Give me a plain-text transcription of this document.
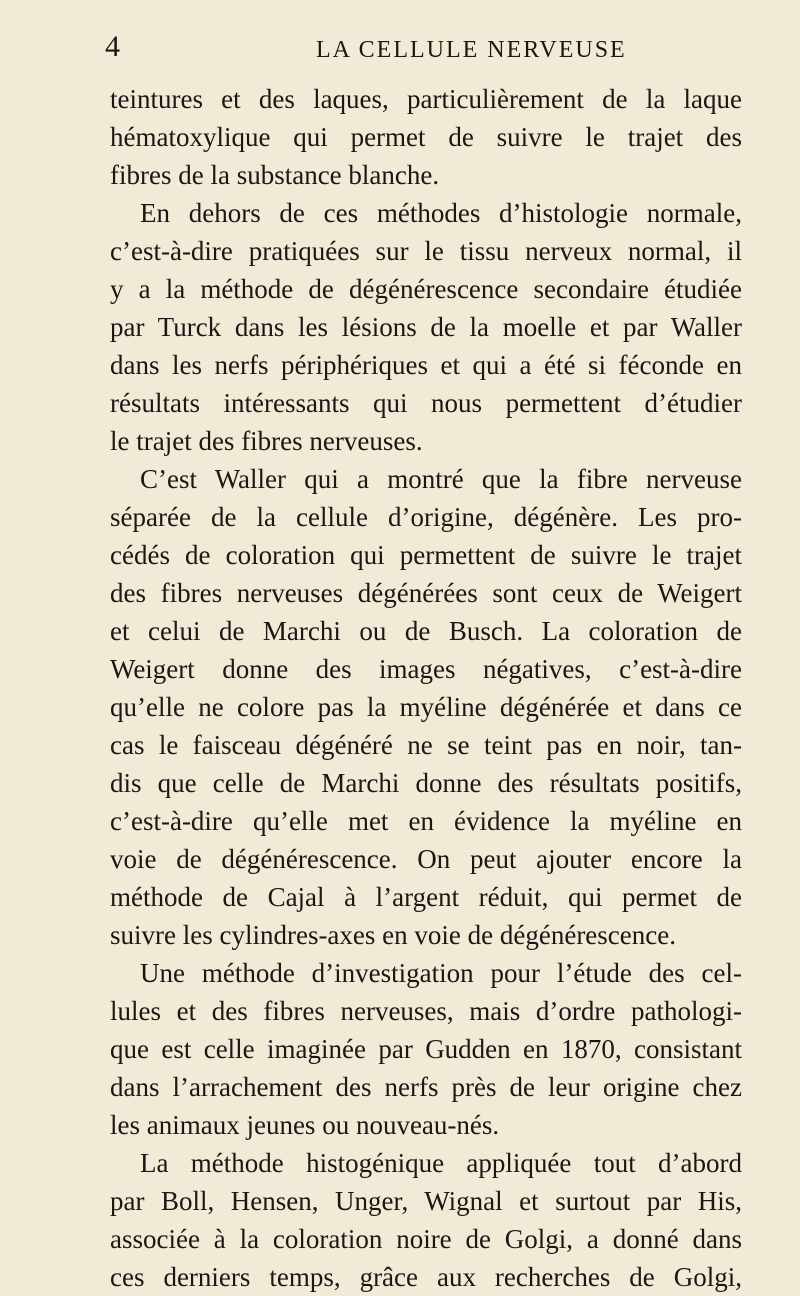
4	LA CELLULE NERVEUSE
teintures et des laques, particulièrement de la laque
hématoxylique qui permet de suivre le trajet des
fibres de la substance blanche.
En dehors de ces méthodes d’histologie normale,
c’est-à-dire pratiquées sur le tissu nerveux normal, il
y a la méthode de dégénérescence secondaire étudiée
par Turck dans les lésions de la moelle et par Waller
dans les nerfs périphériques et qui a été si féconde en
résultats intéressants qui nous permettent d’étudier
le trajet des fibres nerveuses.
C’est Waller qui a montré que la fibre nerveuse
séparée de la cellule d’origine, dégénère. Les pro-
cédés de coloration qui permettent de suivre le trajet
des fibres nerveuses dégénérées sont ceux de Weigert
et celui de Marchi ou de Busch. La coloration de
Weigert donne des images négatives, c’est-à-dire
qu’elle ne colore pas la myéline dégénérée et dans ce
cas le faisceau dégénéré ne se teint pas en noir, tan-
dis que celle de Marchi donne des résultats positifs,
c’est-à-dire qu’elle met en évidence la myéline en
voie de dégénérescence. On peut ajouter encore la
méthode de Cajal à l’argent réduit, qui permet de
suivre les cylindres-axes en voie de dégénérescence.
Une méthode d’investigation pour l’étude des cel-
lules et des fibres nerveuses, mais d’ordre pathologi-
que est celle imaginée par Gudden en 1870, consistant
dans l’arrachement des nerfs près de leur origine chez
les animaux jeunes ou nouveau-nés.
La méthode histogénique appliquée tout d’abord
par Boll, Hensen, Unger, Wignal et surtout par His,
associée à la coloration noire de Golgi, a donné dans
ces derniers temps, grâce aux recherches de Golgi,
